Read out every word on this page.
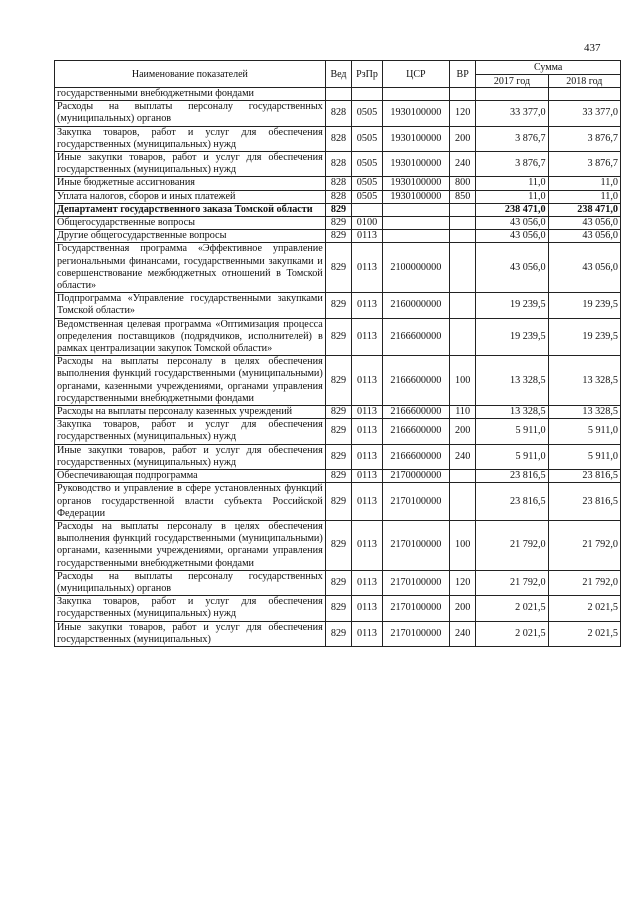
437
Наименование показателей	Вед	РзПр	ЦСР	ВР	Сумма	
					2017 год	2018 год
государственными внебюджетными фондами						
Расходы на выплаты персоналу государственных (муниципальных) органов	828	0505	1930100000	120	33 377,0	33 377,0
Закупка товаров, работ и услуг для обеспечения государственных (муниципальных) нужд	828	0505	1930100000	200	3 876,7	3 876,7
Иные закупки товаров, работ и услуг для обеспечения государственных (муниципальных) нужд	828	0505	1930100000	240	3 876,7	3 876,7
Иные бюджетные ассигнования	828	0505	1930100000	800	11,0	11,0
Уплата налогов, сборов и иных платежей	828	0505	1930100000	850	11,0	11,0
Департамент государственного заказа Томской области	829				238 471,0	238 471,0
Общегосударственные вопросы	829	0100			43 056,0	43 056,0
Другие общегосударственные вопросы	829	0113			43 056,0	43 056,0
Государственная программа «Эффективное управление региональными финансами, государственными закупками и совершенствование межбюджетных отношений в Томской области»	829	0113	2100000000		43 056,0	43 056,0
Подпрограмма «Управление государственными закупками Томской области»	829	0113	2160000000		19 239,5	19 239,5
Ведомственная целевая программа «Оптимизация процесса определения поставщиков (подрядчиков, исполнителей) в рамках централизации закупок Томской области»	829	0113	2166600000		19 239,5	19 239,5
Расходы на выплаты персоналу в целях обеспечения выполнения функций государственными (муниципальными) органами, казенными учреждениями, органами управления государственными внебюджетными фондами	829	0113	2166600000	100	13 328,5	13 328,5
Расходы на выплаты персоналу казенных учреждений	829	0113	2166600000	110	13 328,5	13 328,5
Закупка товаров, работ и услуг для обеспечения государственных (муниципальных) нужд	829	0113	2166600000	200	5 911,0	5 911,0
Иные закупки товаров, работ и услуг для обеспечения государственных (муниципальных) нужд	829	0113	2166600000	240	5 911,0	5 911,0
Обеспечивающая подпрограмма	829	0113	2170000000		23 816,5	23 816,5
Руководство и управление в сфере установленных функций органов государственной власти субъекта Российской Федерации	829	0113	2170100000		23 816,5	23 816,5
Расходы на выплаты персоналу в целях обеспечения выполнения функций государственными (муниципальными) органами, казенными учреждениями, органами управления государственными внебюджетными фондами	829	0113	2170100000	100	21 792,0	21 792,0
Расходы на выплаты персоналу государственных (муниципальных) органов	829	0113	2170100000	120	21 792,0	21 792,0
Закупка товаров, работ и услуг для обеспечения государственных (муниципальных) нужд	829	0113	2170100000	200	2 021,5	2 021,5
Иные закупки товаров, работ и услуг для обеспечения государственных (муниципальных)	829	0113	2170100000	240	2 021,5	2 021,5
